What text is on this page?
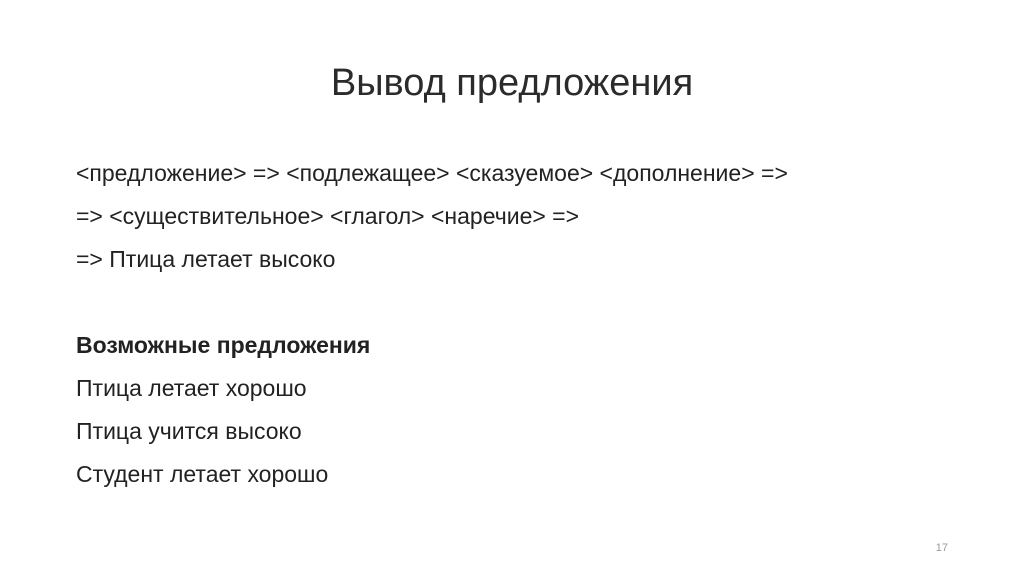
Вывод предложения
<предложение> => <подлежащее> <сказуемое> <дополнение> =>
=> <существительное> <глагол> <наречие> =>
=> Птица летает высоко
Возможные предложения
Птица летает хорошо
Птица учится высоко
Студент летает хорошо
17
